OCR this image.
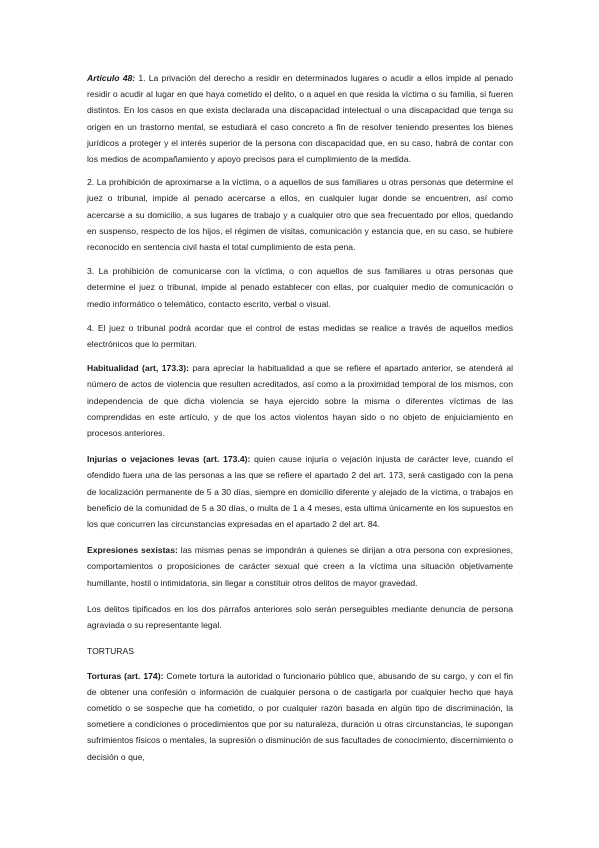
Artículo 48: 1. La privación del derecho a residir en determinados lugares o acudir a ellos impide al penado residir o acudir al lugar en que haya cometido el delito, o a aquel en que resida la víctima o su familia, si fueren distintos. En los casos en que exista declarada una discapacidad intelectual o una discapacidad que tenga su origen en un trastorno mental, se estudiará el caso concreto a fin de resolver teniendo presentes los bienes jurídicos a proteger y el interés superior de la persona con discapacidad que, en su caso, habrá de contar con los medios de acompañamiento y apoyo precisos para el cumplimiento de la medida.

2. La prohibición de aproximarse a la víctima, o a aquellos de sus familiares u otras personas que determine el juez o tribunal, impide al penado acercarse a ellos, en cualquier lugar donde se encuentren, así como acercarse a su domicilio, a sus lugares de trabajo y a cualquier otro que sea frecuentado por ellos, quedando en suspenso, respecto de los hijos, el régimen de visitas, comunicación y estancia que, en su caso, se hubiere reconocido en sentencia civil hasta el total cumplimiento de esta pena.

3. La prohibición de comunicarse con la víctima, o con aquellos de sus familiares u otras personas que determine el juez o tribunal, impide al penado establecer con ellas, por cualquier medio de comunicación o medio informático o telemático, contacto escrito, verbal o visual.

4. El juez o tribunal podrá acordar que el control de estas medidas se realice a través de aquellos medios electrónicos que lo permitan.

Habitualidad (art, 173.3): para apreciar la habitualidad a que se refiere el apartado anterior, se atenderá al número de actos de violencia que resulten acreditados, así como a la proximidad temporal de los mismos, con independencia de que dicha violencia se haya ejercido sobre la misma o diferentes víctimas de las comprendidas en este artículo, y de que los actos violentos hayan sido o no objeto de enjuiciamiento en procesos anteriores.

Injurias o vejaciones levas (art. 173.4): quien cause injuria o vejación injusta de carácter leve, cuando el ofendido fuera una de las personas a las que se refiere el apartado 2 del art. 173, será castigado con la pena de localización permanente de 5 a 30 días, siempre en domicilio diferente y alejado de la víctima, o trabajos en beneficio de la comunidad de 5 a 30 días, o multa de 1 a 4 meses, esta ultima únicamente en los supuestos en los que concurren las circunstancias expresadas en el apartado 2 del art. 84.

Expresiones sexistas: las mismas penas se impondrán a quienes se dirijan a otra persona con expresiones, comportamientos o proposiciones de carácter sexual que creen a la víctima una situación objetivamente humillante, hostil o intimidatoria, sin llegar a constituir otros delitos de mayor gravedad.

Los delitos tipificados en los dos párrafos anteriores solo serán perseguibles mediante denuncia de persona agraviada o su representante legal.

TORTURAS

Torturas (art. 174): Comete tortura la autoridad o funcionario público que, abusando de su cargo, y con el fin de obtener una confesión o información de cualquier persona o de castigarla por cualquier hecho que haya cometido o se sospeche que ha cometido, o por cualquier razón basada en algún tipo de discriminación, la sometiere a condiciones o procedimientos que por su naturaleza, duración u otras circunstancias, le supongan sufrimientos físicos o mentales, la supresión o disminución de sus facultades de conocimiento, discernimiento o decisión o que,
